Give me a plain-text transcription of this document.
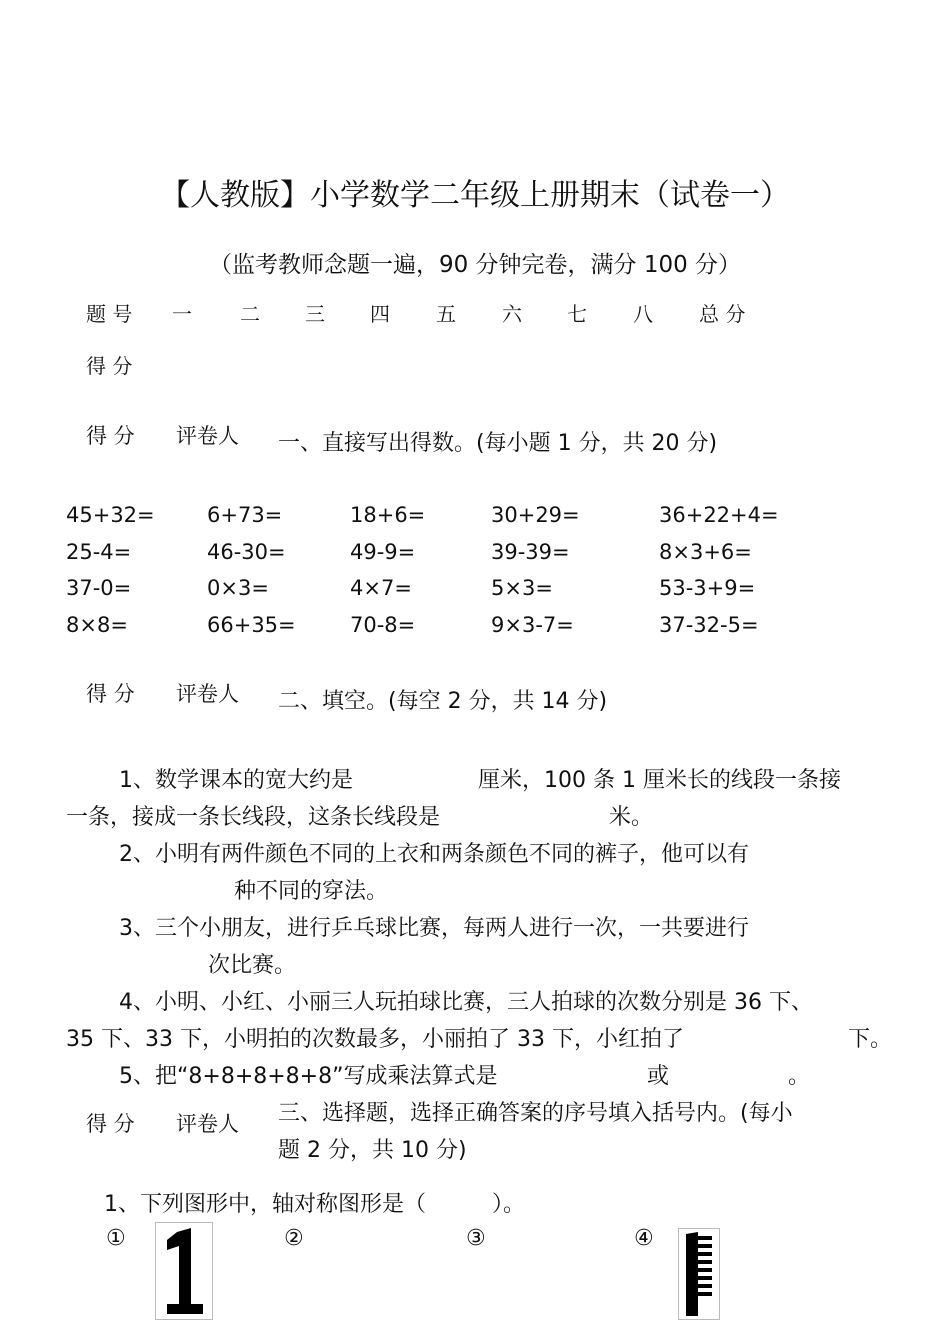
【人教版】小学数学二年级上册期末（试卷一）
（监考教师念题一遍，90 分钟完卷，满分 100 分）
题 号 一 二 三 四 五 六 七 八 总 分
得 分
得 分 评卷人 一、直接写出得数。(每小题 1 分，共 20 分)
45+32= 6+73=	18+6=	30+29=	36+22+4=
25-4=	46-30=	49-9=	39-39=	8×3+6=
37-0=	0×3=	4×7=	5×3=	53-3+9=
8×8=	66+35=	70-8=	9×3-7=	37-32-5=
得 分 评卷人 二、填空。(每空 2 分，共 14 分)
1、数学课本的宽大约是	厘米，100 条 1 厘米长的线段一条接
一条，接成一条长线段，这条长线段是	米。
2、小明有两件颜色不同的上衣和两条颜色不同的裤子，他可以有
种不同的穿法。
3、三个小朋友，进行乒乓球比赛，每两人进行一次，一共要进行
次比赛。
4、小明、小红、小丽三人玩拍球比赛，三人拍球的次数分别是 36 下、
35 下、33 下，小明拍的次数最多，小丽拍了 33 下，小红拍了	下。
5、把“8+8+8+8+8”写成乘法算式是	或	。
得 分 评卷人 三、选择题，选择正确答案的序号填入括号内。(每小
题 2 分，共 10 分)
1、下列图形中，轴对称图形是（　　　）。
①	②	③	④
